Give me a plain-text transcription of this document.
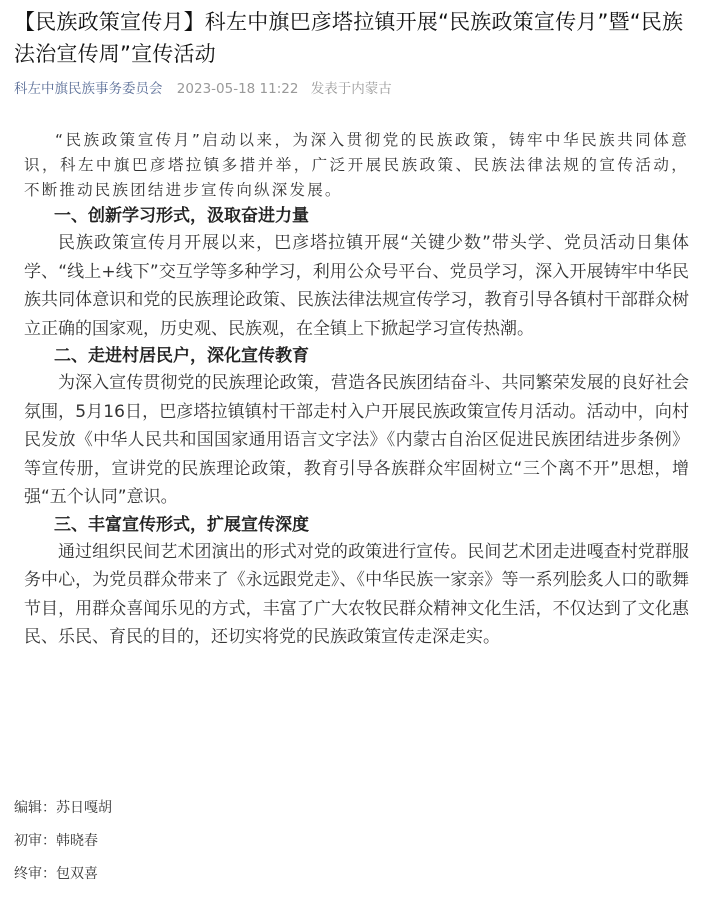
【民族政策宣传月】科左中旗巴彦塔拉镇开展“民族政策宣传月”暨“民族法治宣传周”宣传活动
科左中旗民族事务委员会 2023-05-18 11:22 发表于内蒙古

“民族政策宣传月”启动以来，为深入贯彻党的民族政策，铸牢中华民族共同体意识，科左中旗巴彦塔拉镇多措并举，广泛开展民族政策、民族法律法规的宣传活动，不断推动民族团结进步宣传向纵深发展。

一、创新学习形式，汲取奋进力量

民族政策宣传月开展以来，巴彦塔拉镇开展“关键少数”带头学、党员活动日集体学、“线上+线下”交互学等多种学习，利用公众号平台、党员学习，深入开展铸牢中华民族共同体意识和党的民族理论政策、民族法律法规宣传学习，教育引导各镇村干部群众树立正确的国家观，历史观、民族观，在全镇上下掀起学习宣传热潮。

二、走进村居民户，深化宣传教育

为深入宣传贯彻党的民族理论政策，营造各民族团结奋斗、共同繁荣发展的良好社会氛围，5月16日，巴彦塔拉镇镇村干部走村入户开展民族政策宣传月活动。活动中，向村民发放《中华人民共和国国家通用语言文字法》《内蒙古自治区促进民族团结进步条例》等宣传册，宣讲党的民族理论政策，教育引导各族群众牢固树立“三个离不开”思想，增强“五个认同”意识。

三、丰富宣传形式，扩展宣传深度

通过组织民间艺术团演出的形式对党的政策进行宣传。民间艺术团走进嘎查村党群服务中心，为党员群众带来了《永远跟党走》、《中华民族一家亲》等一系列脍炙人口的歌舞节目，用群众喜闻乐见的方式，丰富了广大农牧民群众精神文化生活，不仅达到了文化惠民、乐民、育民的目的，还切实将党的民族政策宣传走深走实。

编辑：苏日嘎胡
初审：韩晓春
终审：包双喜
